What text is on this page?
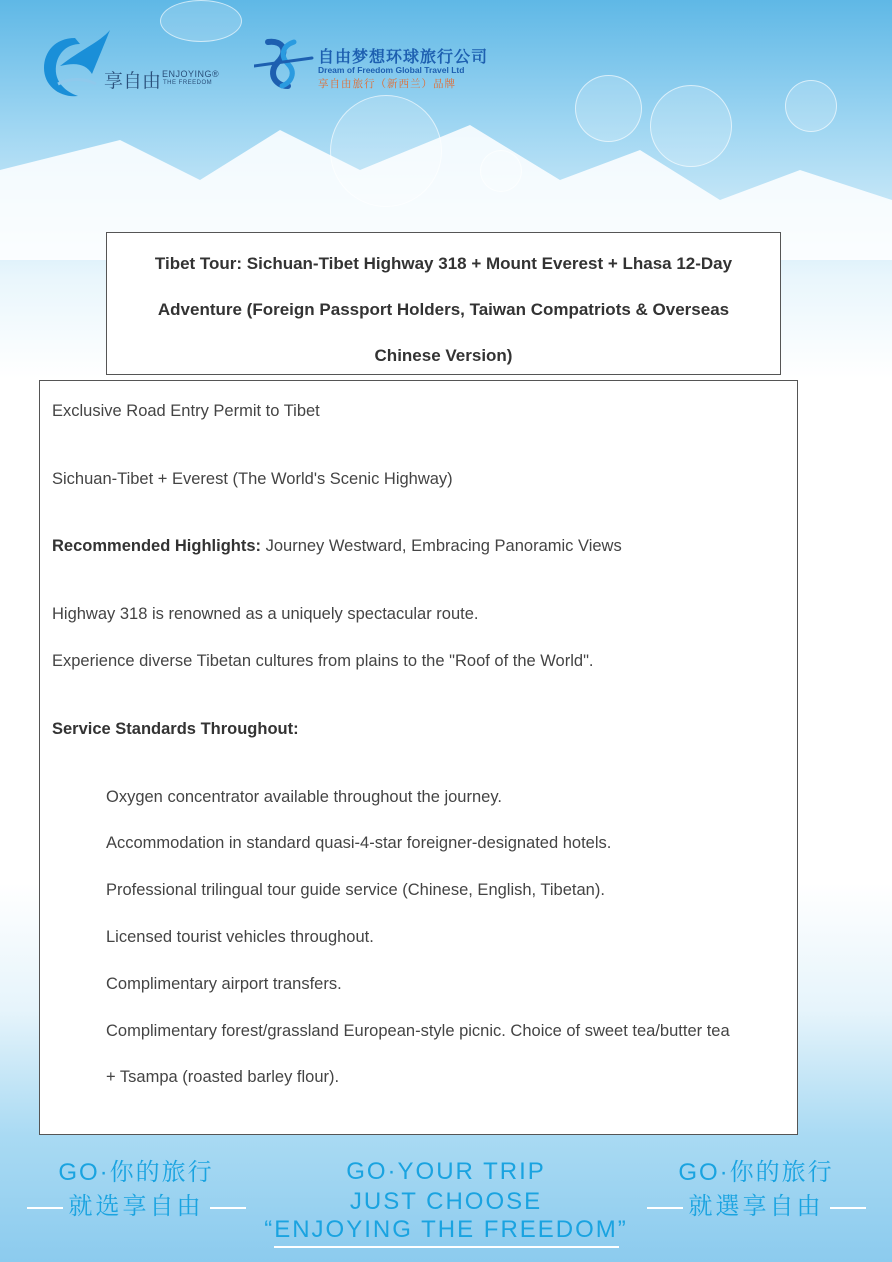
享自由 ENJOYING®
THE FREEDOM
自由梦想环球旅行公司
Dream of Freedom Global Travel Ltd
享自由旅行（新西兰）品牌
Tibet Tour: Sichuan-Tibet Highway 318 + Mount Everest + Lhasa 12-Day
Adventure (Foreign Passport Holders, Taiwan Compatriots & Overseas
Chinese Version)
Exclusive Road Entry Permit to Tibet
Sichuan-Tibet + Everest (The World's Scenic Highway)
Recommended Highlights: Journey Westward, Embracing Panoramic Views
Highway 318 is renowned as a uniquely spectacular route.
Experience diverse Tibetan cultures from plains to the "Roof of the World".
Service Standards Throughout:
Oxygen concentrator available throughout the journey.
Accommodation in standard quasi-4-star foreigner-designated hotels.
Professional trilingual tour guide service (Chinese, English, Tibetan).
Licensed tourist vehicles throughout.
Complimentary airport transfers.
Complimentary forest/grassland European-style picnic. Choice of sweet tea/butter tea
+ Tsampa (roasted barley flour).
GO·你的旅行
就选享自由
GO·YOUR TRIP
JUST CHOOSE
“ENJOYING THE FREEDOM”
GO·你的旅行
就選享自由
